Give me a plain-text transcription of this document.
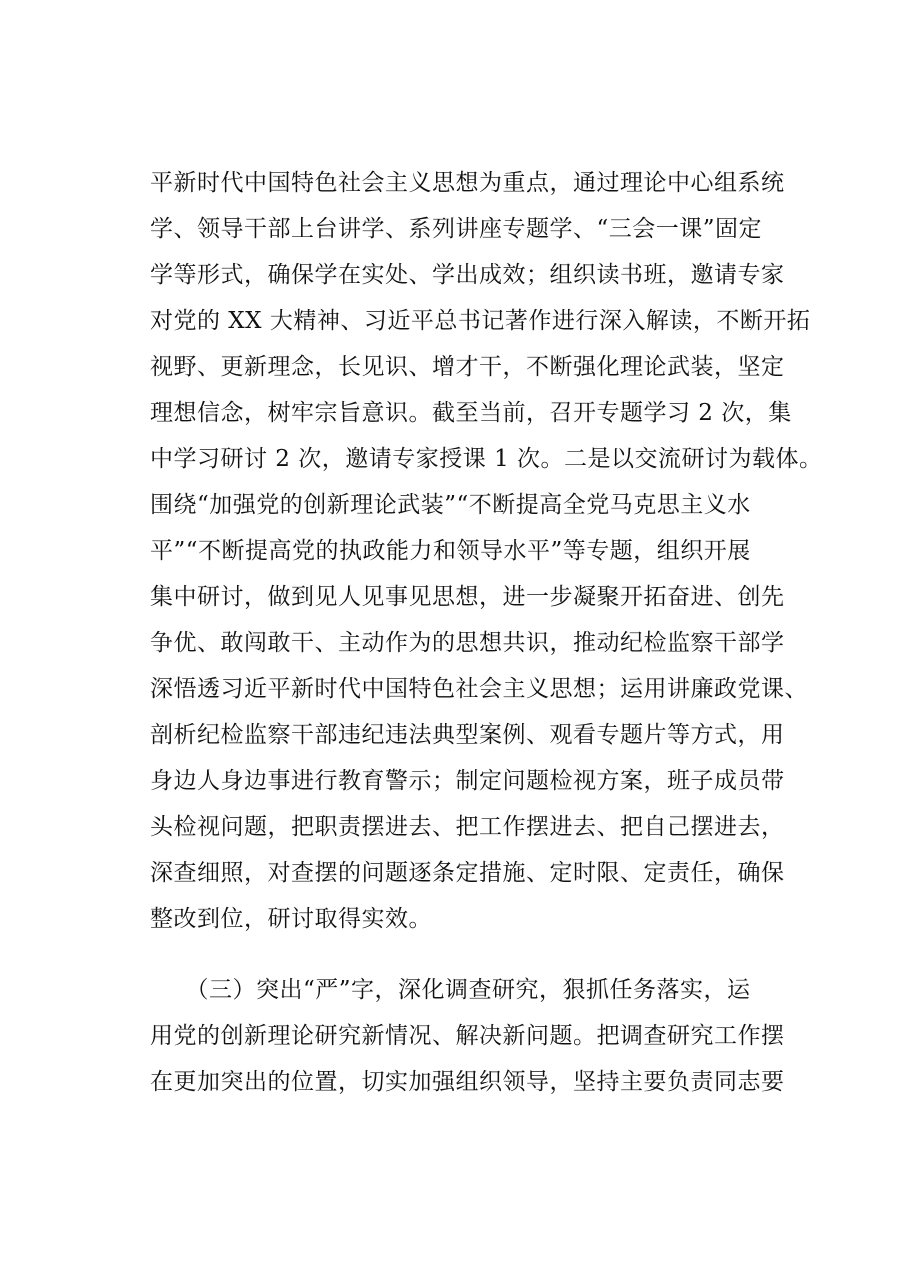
平新时代中国特色社会主义思想为重点，通过理论中心组系统
学、领导干部上台讲学、系列讲座专题学、“三会一课”固定
学等形式，确保学在实处、学出成效；组织读书班，邀请专家
对党的 XX 大精神、习近平总书记著作进行深入解读，不断开拓
视野、更新理念，长见识、增才干，不断强化理论武装，坚定
理想信念，树牢宗旨意识。截至当前，召开专题学习 2 次，集
中学习研讨 2 次，邀请专家授课 1 次。二是以交流研讨为载体。
围绕“加强党的创新理论武装”“不断提高全党马克思主义水
平”“不断提高党的执政能力和领导水平”等专题，组织开展
集中研讨，做到见人见事见思想，进一步凝聚开拓奋进、创先
争优、敢闯敢干、主动作为的思想共识，推动纪检监察干部学
深悟透习近平新时代中国特色社会主义思想；运用讲廉政党课、
剖析纪检监察干部违纪违法典型案例、观看专题片等方式，用
身边人身边事进行教育警示；制定问题检视方案，班子成员带
头检视问题，把职责摆进去、把工作摆进去、把自己摆进去，
深查细照，对查摆的问题逐条定措施、定时限、定责任，确保
整改到位，研讨取得实效。
　　（三）突出“严”字，深化调查研究，狠抓任务落实，运
用党的创新理论研究新情况、解决新问题。把调查研究工作摆
在更加突出的位置，切实加强组织领导，坚持主要负责同志要
